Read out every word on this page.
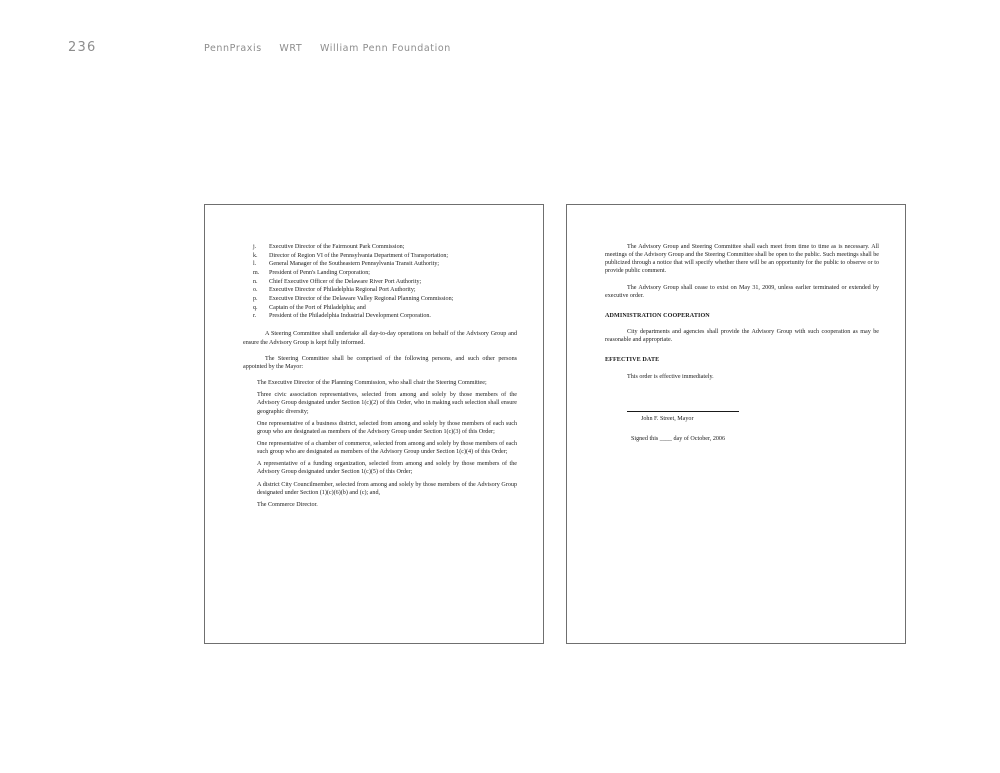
236	PennPraxis WRT William Penn Foundation
j. Executive Director of the Fairmount Park Commission;
k. Director of Region VI of the Pennsylvania Department of Transportation;
l. General Manager of the Southeastern Pennsylvania Transit Authority;
m. President of Penn's Landing Corporation;
n. Chief Executive Officer of the Delaware River Port Authority;
o. Executive Director of Philadelphia Regional Port Authority;
p. Executive Director of the Delaware Valley Regional Planning Commission;
q. Captain of the Port of Philadelphia; and
r. President of the Philadelphia Industrial Development Corporation.

A Steering Committee shall undertake all day-to-day operations on behalf of the Advisory Group and ensure the Advisory Group is kept fully informed.

The Steering Committee shall be comprised of the following persons, and such other persons appointed by the Mayor:

The Executive Director of the Planning Commission, who shall chair the Steering Committee;
Three civic association representatives, selected from among and solely by those members of the Advisory Group designated under Section 1(c)(2) of this Order, who in making such selection shall ensure geographic diversity;
One representative of a business district, selected from among and solely by those members of each such group who are designated as members of the Advisory Group under Section 1(c)(3) of this Order;
One representative of a chamber of commerce, selected from among and solely by those members of each such group who are designated as members of the Advisory Group under Section 1(c)(4) of this Order;
A representative of a funding organization, selected from among and solely by those members of the Advisory Group designated under Section 1(c)(5) of this Order;
A district City Councilmember, selected from among and solely by those members of the Advisory Group designated under Section (1)(c)(6)(b) and (c); and,
The Commerce Director.

The Advisory Group and Steering Committee shall each meet from time to time as is necessary. All meetings of the Advisory Group and the Steering Committee shall be open to the public. Such meetings shall be publicized through a notice that will specify whether there will be an opportunity for the public to observe or to provide public comment.

The Advisory Group shall cease to exist on May 31, 2009, unless earlier terminated or extended by executive order.

ADMINISTRATION COOPERATION

City departments and agencies shall provide the Advisory Group with such cooperation as may be reasonable and appropriate.

EFFECTIVE DATE

This order is effective immediately.

John F. Street, Mayor

Signed this ____ day of October, 2006
